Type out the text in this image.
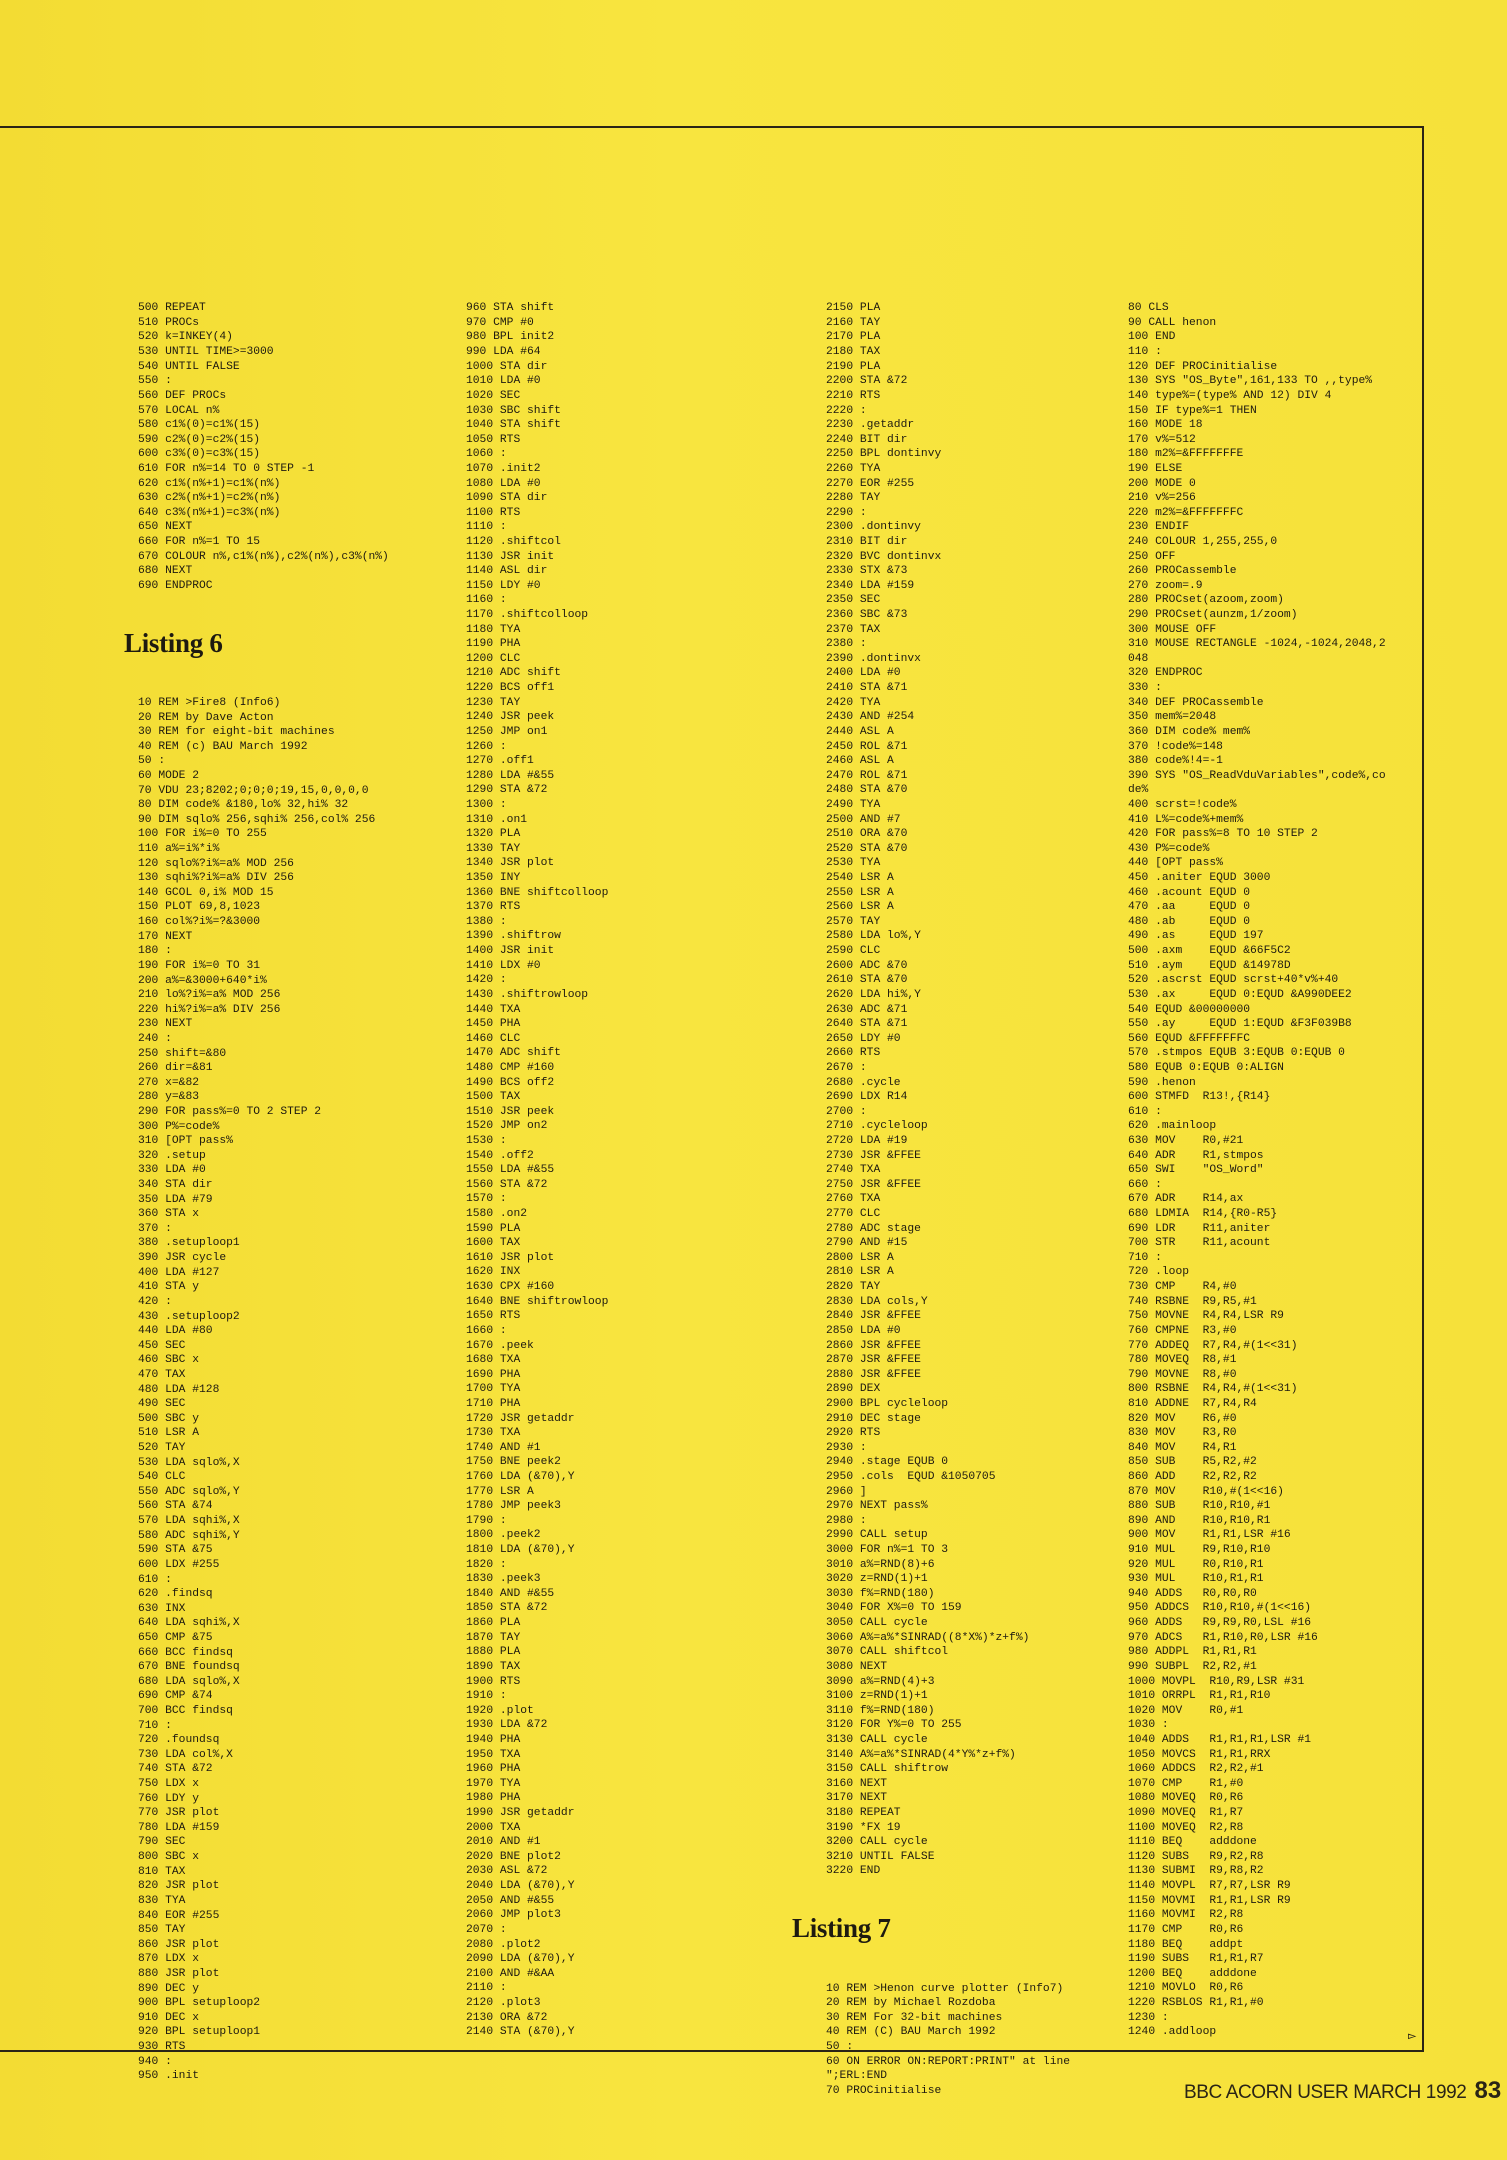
▻

500 REPEAT
510 PROCs
520 k=INKEY(4)
530 UNTIL TIME>=3000
540 UNTIL FALSE
550 :
560 DEF PROCs
570 LOCAL n%
580 c1%(0)=c1%(15)
590 c2%(0)=c2%(15)
600 c3%(0)=c3%(15)
610 FOR n%=14 TO 0 STEP -1
620 c1%(n%+1)=c1%(n%)
630 c2%(n%+1)=c2%(n%)
640 c3%(n%+1)=c3%(n%)
650 NEXT
660 FOR n%=1 TO 15
670 COLOUR n%,c1%(n%),c2%(n%),c3%(n%)
680 NEXT
690 ENDPROC

Listing 6

10 REM >Fire8 (Info6)
20 REM by Dave Acton
30 REM for eight-bit machines
40 REM (c) BAU March 1992
50 :
60 MODE 2
70 VDU 23;8202;0;0;0;19,15,0,0,0,0
80 DIM code% &180,lo% 32,hi% 32
90 DIM sqlo% 256,sqhi% 256,col% 256
100 FOR i%=0 TO 255
110 a%=i%*i%
120 sqlo%?i%=a% MOD 256
130 sqhi%?i%=a% DIV 256
140 GCOL 0,i% MOD 15
150 PLOT 69,8,1023
160 col%?i%=?&3000
170 NEXT
180 :
190 FOR i%=0 TO 31
200 a%=&3000+640*i%
210 lo%?i%=a% MOD 256
220 hi%?i%=a% DIV 256
230 NEXT
240 :
250 shift=&80
260 dir=&81
270 x=&82
280 y=&83
290 FOR pass%=0 TO 2 STEP 2
300 P%=code%
310 [OPT pass%
320 .setup
330 LDA #0
340 STA dir
350 LDA #79
360 STA x
370 :
380 .setuploop1
390 JSR cycle
400 LDA #127
410 STA y
420 :
430 .setuploop2
440 LDA #80
450 SEC
460 SBC x
470 TAX
480 LDA #128
490 SEC
500 SBC y
510 LSR A
520 TAY
530 LDA sqlo%,X
540 CLC
550 ADC sqlo%,Y
560 STA &74
570 LDA sqhi%,X
580 ADC sqhi%,Y
590 STA &75
600 LDX #255
610 :
620 .findsq
630 INX
640 LDA sqhi%,X
650 CMP &75
660 BCC findsq
670 BNE foundsq
680 LDA sqlo%,X
690 CMP &74
700 BCC findsq
710 :
720 .foundsq
730 LDA col%,X
740 STA &72
750 LDX x
760 LDY y
770 JSR plot
780 LDA #159
790 SEC
800 SBC x
810 TAX
820 JSR plot
830 TYA
840 EOR #255
850 TAY
860 JSR plot
870 LDX x
880 JSR plot
890 DEC y
900 BPL setuploop2
910 DEC x
920 BPL setuploop1
930 RTS
940 :
950 .init

960 STA shift
970 CMP #0
980 BPL init2
990 LDA #64
1000 STA dir
1010 LDA #0
1020 SEC
1030 SBC shift
1040 STA shift
1050 RTS
1060 :
1070 .init2
1080 LDA #0
1090 STA dir
1100 RTS
1110 :
1120 .shiftcol
1130 JSR init
1140 ASL dir
1150 LDY #0
1160 :
1170 .shiftcolloop
1180 TYA
1190 PHA
1200 CLC
1210 ADC shift
1220 BCS off1
1230 TAY
1240 JSR peek
1250 JMP on1
1260 :
1270 .off1
1280 LDA #&55
1290 STA &72
1300 :
1310 .on1
1320 PLA
1330 TAY
1340 JSR plot
1350 INY
1360 BNE shiftcolloop
1370 RTS
1380 :
1390 .shiftrow
1400 JSR init
1410 LDX #0
1420 :
1430 .shiftrowloop
1440 TXA
1450 PHA
1460 CLC
1470 ADC shift
1480 CMP #160
1490 BCS off2
1500 TAX
1510 JSR peek
1520 JMP on2
1530 :
1540 .off2
1550 LDA #&55
1560 STA &72
1570 :
1580 .on2
1590 PLA
1600 TAX
1610 JSR plot
1620 INX
1630 CPX #160
1640 BNE shiftrowloop
1650 RTS
1660 :
1670 .peek
1680 TXA
1690 PHA
1700 TYA
1710 PHA
1720 JSR getaddr
1730 TXA
1740 AND #1
1750 BNE peek2
1760 LDA (&70),Y
1770 LSR A
1780 JMP peek3
1790 :
1800 .peek2
1810 LDA (&70),Y
1820 :
1830 .peek3
1840 AND #&55
1850 STA &72
1860 PLA
1870 TAY
1880 PLA
1890 TAX
1900 RTS
1910 :
1920 .plot
1930 LDA &72
1940 PHA
1950 TXA
1960 PHA
1970 TYA
1980 PHA
1990 JSR getaddr
2000 TXA
2010 AND #1
2020 BNE plot2
2030 ASL &72
2040 LDA (&70),Y
2050 AND #&55
2060 JMP plot3
2070 :
2080 .plot2
2090 LDA (&70),Y
2100 AND #&AA
2110 :
2120 .plot3
2130 ORA &72
2140 STA (&70),Y

2150 PLA
2160 TAY
2170 PLA
2180 TAX
2190 PLA
2200 STA &72
2210 RTS
2220 :
2230 .getaddr
2240 BIT dir
2250 BPL dontinvy
2260 TYA
2270 EOR #255
2280 TAY
2290 :
2300 .dontinvy
2310 BIT dir
2320 BVC dontinvx
2330 STX &73
2340 LDA #159
2350 SEC
2360 SBC &73
2370 TAX
2380 :
2390 .dontinvx
2400 LDA #0
2410 STA &71
2420 TYA
2430 AND #254
2440 ASL A
2450 ROL &71
2460 ASL A
2470 ROL &71
2480 STA &70
2490 TYA
2500 AND #7
2510 ORA &70
2520 STA &70
2530 TYA
2540 LSR A
2550 LSR A
2560 LSR A
2570 TAY
2580 LDA lo%,Y
2590 CLC
2600 ADC &70
2610 STA &70
2620 LDA hi%,Y
2630 ADC &71
2640 STA &71
2650 LDY #0
2660 RTS
2670 :
2680 .cycle
2690 LDX R14
2700 :
2710 .cycleloop
2720 LDA #19
2730 JSR &FFEE
2740 TXA
2750 JSR &FFEE
2760 TXA
2770 CLC
2780 ADC stage
2790 AND #15
2800 LSR A
2810 LSR A
2820 TAY
2830 LDA cols,Y
2840 JSR &FFEE
2850 LDA #0
2860 JSR &FFEE
2870 JSR &FFEE
2880 JSR &FFEE
2890 DEX
2900 BPL cycleloop
2910 DEC stage
2920 RTS
2930 :
2940 .stage EQUB 0
2950 .cols  EQUD &1050705
2960 ]
2970 NEXT pass%
2980 :
2990 CALL setup
3000 FOR n%=1 TO 3
3010 a%=RND(8)+6
3020 z=RND(1)+1
3030 f%=RND(180)
3040 FOR X%=0 TO 159
3050 CALL cycle
3060 A%=a%*SINRAD((8*X%)*z+f%)
3070 CALL shiftcol
3080 NEXT
3090 a%=RND(4)+3
3100 z=RND(1)+1
3110 f%=RND(180)
3120 FOR Y%=0 TO 255
3130 CALL cycle
3140 A%=a%*SINRAD(4*Y%*z+f%)
3150 CALL shiftrow
3160 NEXT
3170 NEXT
3180 REPEAT
3190 *FX 19
3200 CALL cycle
3210 UNTIL FALSE
3220 END

Listing 7

10 REM >Henon curve plotter (Info7)
20 REM by Michael Rozdoba
30 REM For 32-bit machines
40 REM (C) BAU March 1992
50 :
60 ON ERROR ON:REPORT:PRINT" at line
";ERL:END
70 PROCinitialise

80 CLS
90 CALL henon
100 END
110 :
120 DEF PROCinitialise
130 SYS "OS_Byte",161,133 TO ,,type%
140 type%=(type% AND 12) DIV 4
150 IF type%=1 THEN
160 MODE 18
170 v%=512
180 m2%=&FFFFFFFE
190 ELSE
200 MODE 0
210 v%=256
220 m2%=&FFFFFFFC
230 ENDIF
240 COLOUR 1,255,255,0
250 OFF
260 PROCassemble
270 zoom=.9
280 PROCset(azoom,zoom)
290 PROCset(aunzm,1/zoom)
300 MOUSE OFF
310 MOUSE RECTANGLE -1024,-1024,2048,2
048
320 ENDPROC
330 :
340 DEF PROCassemble
350 mem%=2048
360 DIM code% mem%
370 !code%=148
380 code%!4=-1
390 SYS "OS_ReadVduVariables",code%,co
de%
400 scrst=!code%
410 L%=code%+mem%
420 FOR pass%=8 TO 10 STEP 2
430 P%=code%
440 [OPT pass%
450 .aniter EQUD 3000
460 .acount EQUD 0
470 .aa     EQUD 0
480 .ab     EQUD 0
490 .as     EQUD 197
500 .axm    EQUD &66F5C2
510 .aym    EQUD &14978D
520 .ascrst EQUD scrst+40*v%+40
530 .ax     EQUD 0:EQUD &A990DEE2
540 EQUD &00000000
550 .ay     EQUD 1:EQUD &F3F039B8
560 EQUD &FFFFFFFC
570 .stmpos EQUB 3:EQUB 0:EQUB 0
580 EQUB 0:EQUB 0:ALIGN
590 .henon
600 STMFD  R13!,{R14}
610 :
620 .mainloop
630 MOV    R0,#21
640 ADR    R1,stmpos
650 SWI    "OS_Word"
660 :
670 ADR    R14,ax
680 LDMIA  R14,{R0-R5}
690 LDR    R11,aniter
700 STR    R11,acount
710 :
720 .loop
730 CMP    R4,#0
740 RSBNE  R9,R5,#1
750 MOVNE  R4,R4,LSR R9
760 CMPNE  R3,#0
770 ADDEQ  R7,R4,#(1<<31)
780 MOVEQ  R8,#1
790 MOVNE  R8,#0
800 RSBNE  R4,R4,#(1<<31)
810 ADDNE  R7,R4,R4
820 MOV    R6,#0
830 MOV    R3,R0
840 MOV    R4,R1
850 SUB    R5,R2,#2
860 ADD    R2,R2,R2
870 MOV    R10,#(1<<16)
880 SUB    R10,R10,#1
890 AND    R10,R10,R1
900 MOV    R1,R1,LSR #16
910 MUL    R9,R10,R10
920 MUL    R0,R10,R1
930 MUL    R10,R1,R1
940 ADDS   R0,R0,R0
950 ADDCS  R10,R10,#(1<<16)
960 ADDS   R9,R9,R0,LSL #16
970 ADCS   R1,R10,R0,LSR #16
980 ADDPL  R1,R1,R1
990 SUBPL  R2,R2,#1
1000 MOVPL  R10,R9,LSR #31
1010 ORRPL  R1,R1,R10
1020 MOV    R0,#1
1030 :
1040 ADDS   R1,R1,R1,LSR #1
1050 MOVCS  R1,R1,RRX
1060 ADDCS  R2,R2,#1
1070 CMP    R1,#0
1080 MOVEQ  R0,R6
1090 MOVEQ  R1,R7
1100 MOVEQ  R2,R8
1110 BEQ    adddone
1120 SUBS   R9,R2,R8
1130 SUBMI  R9,R8,R2
1140 MOVPL  R7,R7,LSR R9
1150 MOVMI  R1,R1,LSR R9
1160 MOVMI  R2,R8
1170 CMP    R0,R6
1180 BEQ    addpt
1190 SUBS   R1,R1,R7
1200 BEQ    adddone
1210 MOVLO  R0,R6
1220 RSBLOS R1,R1,#0
1230 :
1240 .addloop

BBC ACORN USER MARCH 1992 83
